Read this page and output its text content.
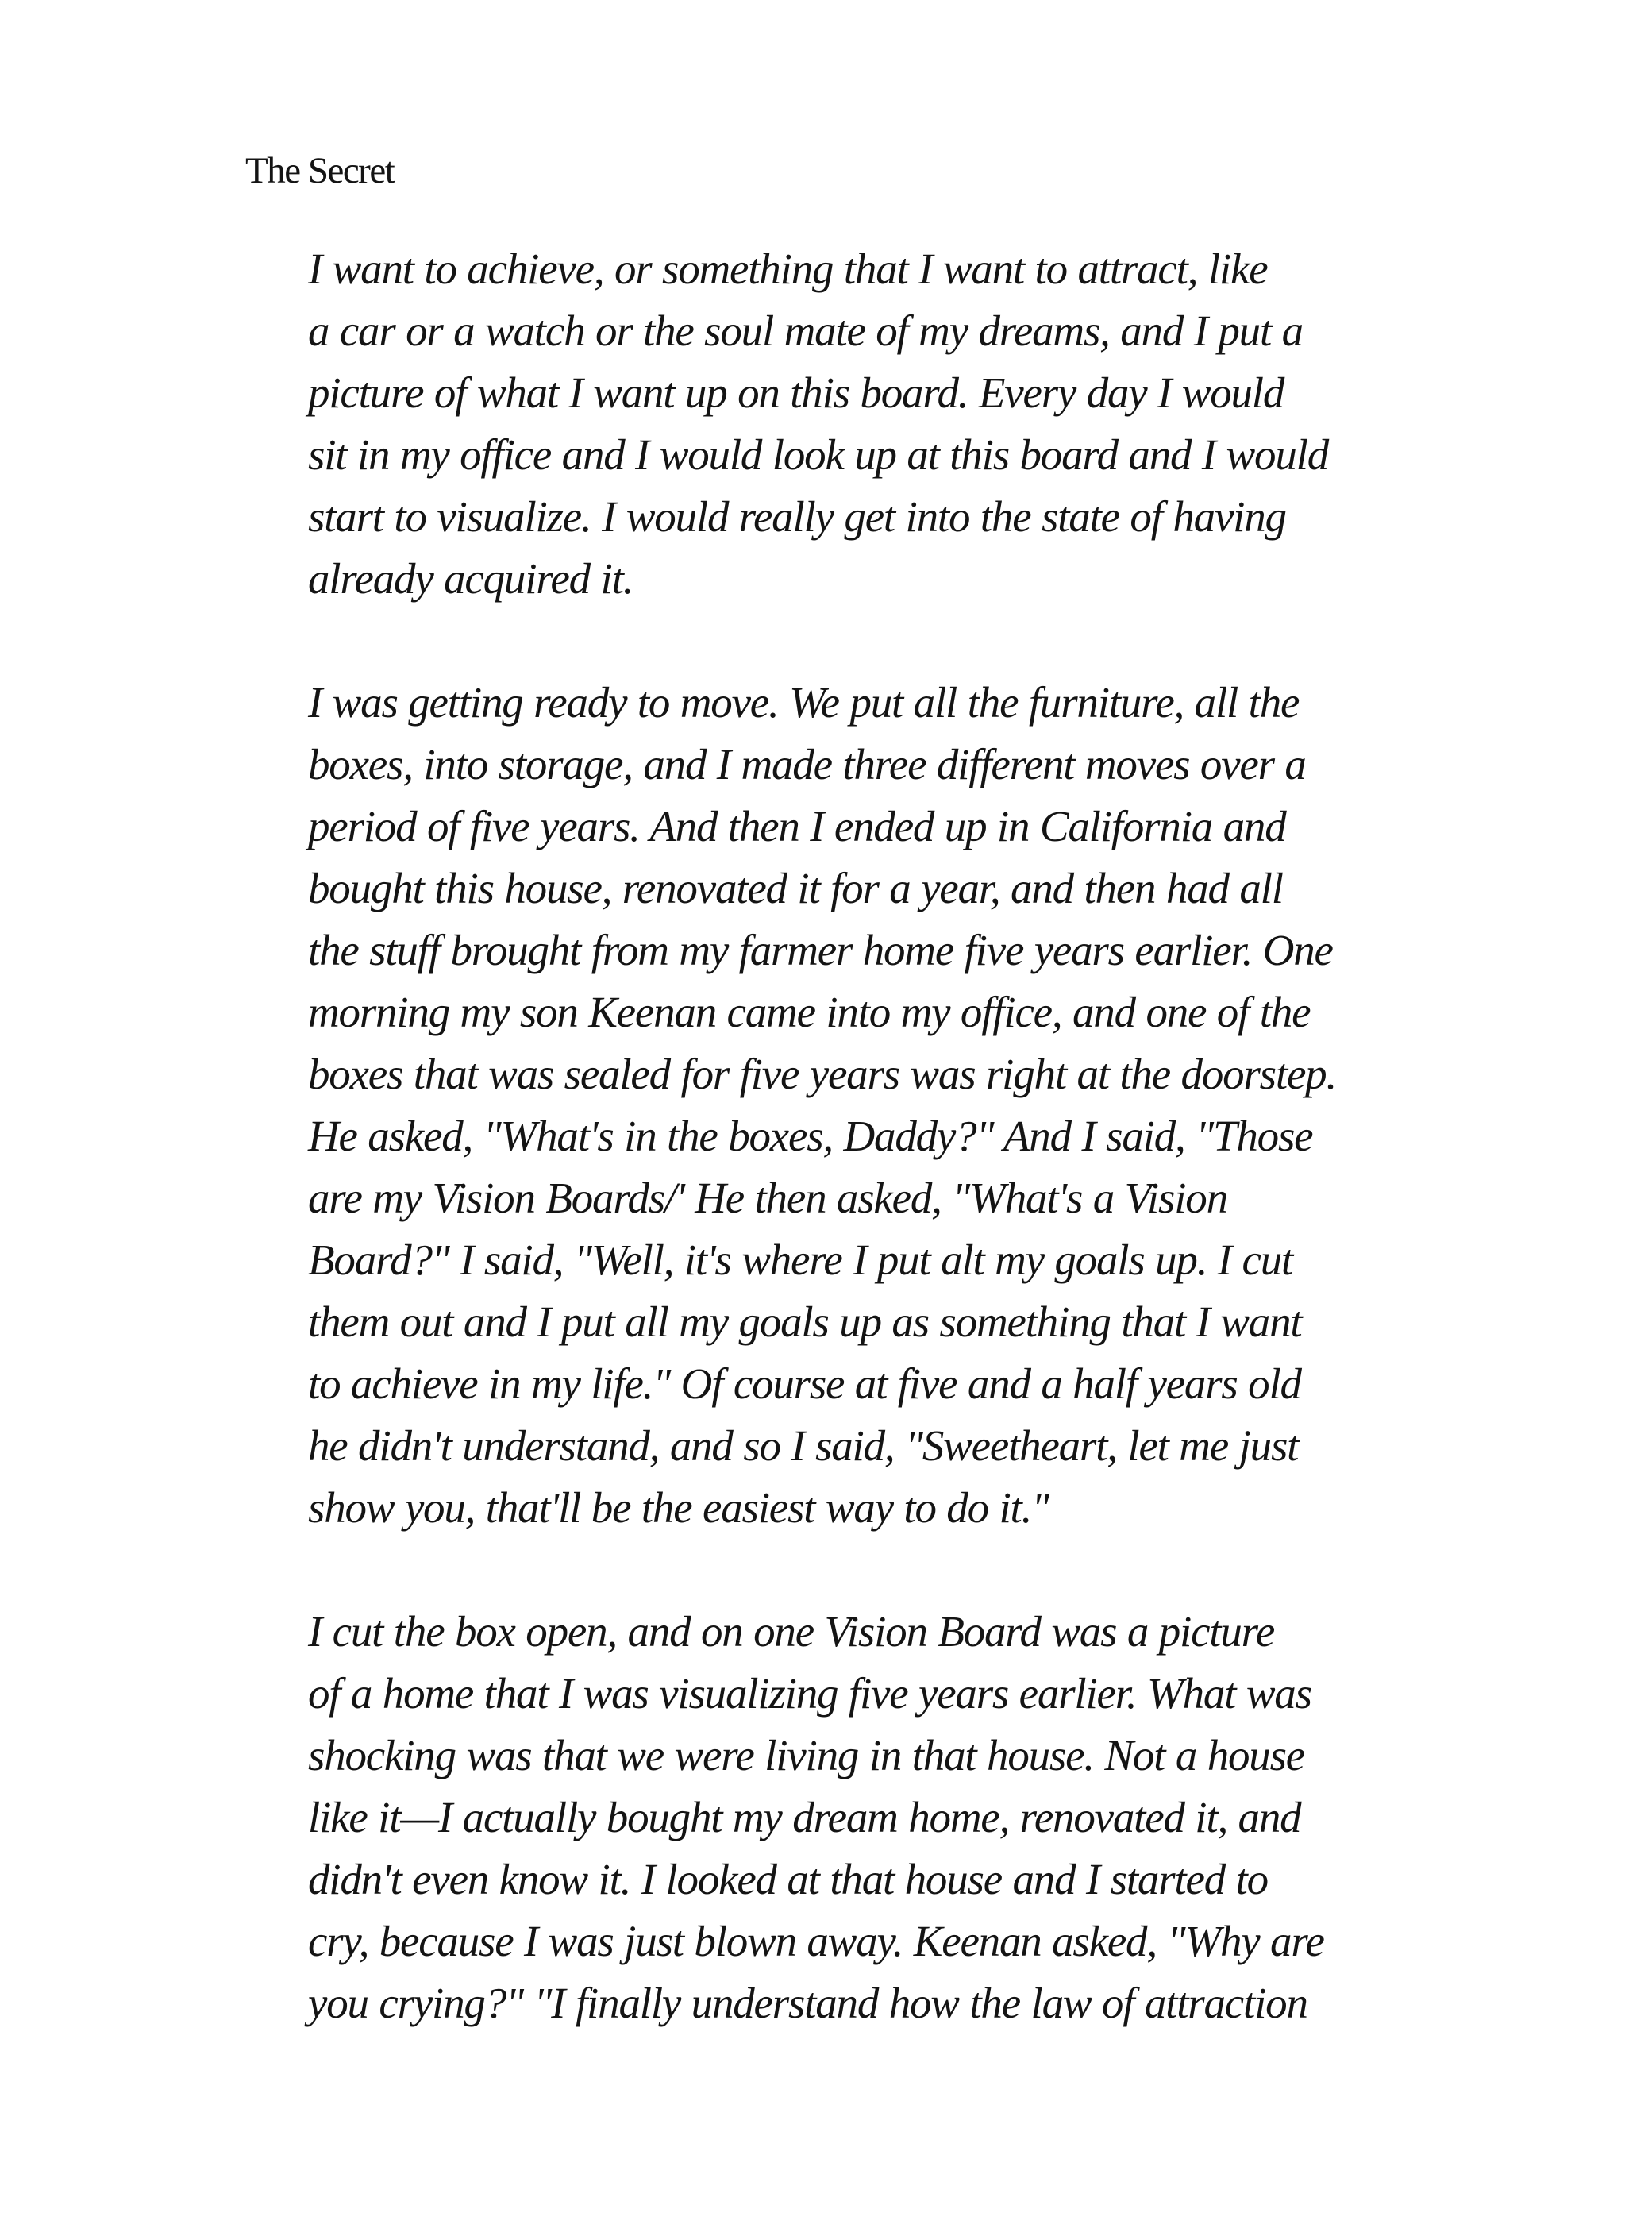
The Secret
I want to achieve, or something that I want to attract, like
a car or a watch or the soul mate of my dreams, and I put a
picture of what I want up on this board. Every day I would
sit in my office and I would look up at this board and I would
start to visualize. I would really get into the state of having
already acquired it.
I was getting ready to move. We put all the furniture, all the
boxes, into storage, and I made three different moves over a
period of five years. And then I ended up in California and
bought this house, renovated it for a year, and then had all
the stuff brought from my farmer home five years earlier. One
morning my son Keenan came into my office, and one of the
boxes that was sealed for five years was right at the doorstep.
He asked, "What's in the boxes, Daddy?" And I said, "Those
are my Vision Boards/' He then asked, "What's a Vision
Board?" I said, "Well, it's where I put alt my goals up. I cut
them out and I put all my goals up as something that I want
to achieve in my life." Of course at five and a half years old
he didn't understand, and so I said, "Sweetheart, let me just
show you, that'll be the easiest way to do it."
I cut the box open, and on one Vision Board was a picture
of a home that I was visualizing five years earlier. What was
shocking was that we were living in that house. Not a house
like it—I actually bought my dream home, renovated it, and
didn't even know it. I looked at that house and I started to
cry, because I was just blown away. Keenan asked, "Why are
you crying?" "I finally understand how the law of attraction
